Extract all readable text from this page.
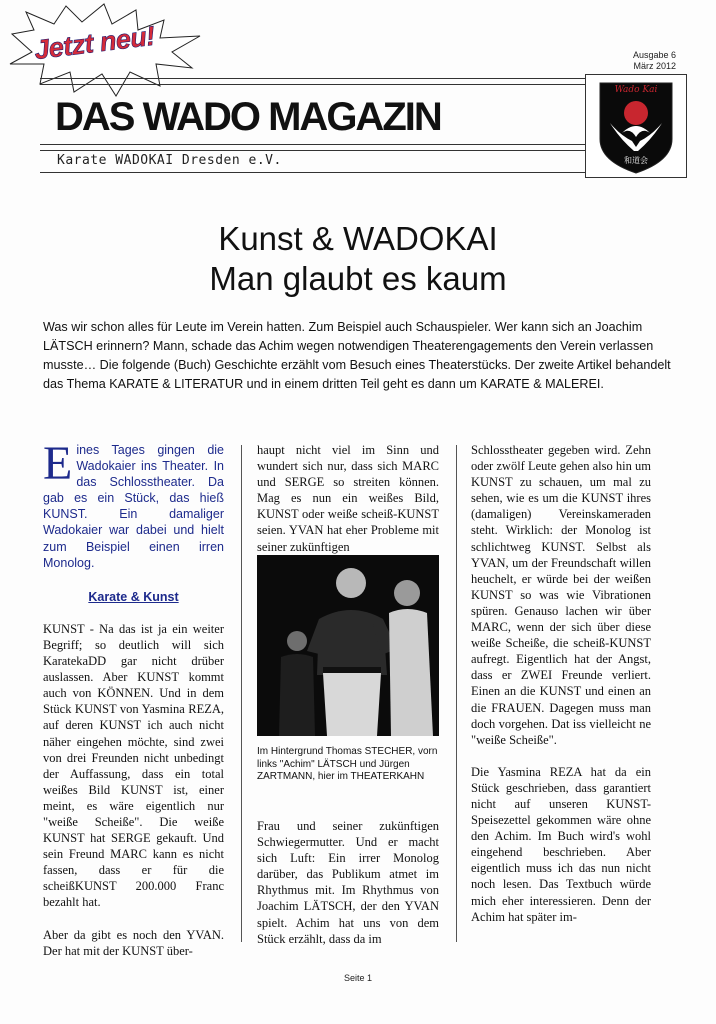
Jetzt neu!	Ausgabe 6
März 2012
DAS WADO MAGAZIN
Karate WADOKAI Dresden e.V.
Wado Kai
和道会
Kunst & WADOKAI
Man glaubt es kaum
Was wir schon alles für Leute im Verein hatten. Zum Beispiel auch Schauspieler. Wer kann sich an Joachim LÄTSCH erinnern? Mann, schade das Achim wegen notwendigen Theaterengagements den Verein verlassen musste… Die folgende (Buch) Geschichte erzählt vom Besuch eines Theaterstücks. Der zweite Artikel behandelt das Thema KARATE & LITERATUR und in einem dritten Teil geht es dann um KARATE & MALEREI.
Eines Tages gingen die Wadokaier ins Theater. In das Schlosstheater. Da gab es ein Stück, das hieß KUNST. Ein damaliger Wadokaier war dabei und hielt zum Beispiel einen irren Monolog.
Karate & Kunst

KUNST - Na das ist ja ein weiter Begriff; so deutlich will sich KaratekaDD gar nicht drüber auslassen. Aber KUNST kommt auch von KÖNNEN. Und in dem Stück KUNST von Yasmina REZA, auf deren KUNST ich auch nicht näher eingehen möchte, sind zwei von drei Freunden nicht unbedingt der Auffassung, dass ein total weißes Bild KUNST ist, einer meint, es wäre eigentlich nur "weiße Scheiße". Die weiße KUNST hat SERGE gekauft. Und sein Freund MARC kann es nicht fassen, dass er für die scheißKUNST 200.000 Franc bezahlt hat.

Aber da gibt es noch den YVAN. Der hat mit der KUNST über-

haupt nicht viel im Sinn und wundert sich nur, dass sich MARC und SERGE so streiten können. Mag es nun ein weißes Bild, KUNST oder weiße scheiß-KUNST seien. YVAN hat eher Probleme mit seiner zukünftigen

Im Hintergrund Thomas STECHER, vorn links "Achim" LÄTSCH und Jürgen ZARTMANN, hier im THEATERKAHN

Frau und seiner zukünftigen Schwiegermutter. Und er macht sich Luft: Ein irrer Monolog darüber, das Publikum atmet im Rhythmus mit. Im Rhythmus von Joachim LÄTSCH, der den YVAN spielt. Achim hat uns von dem Stück erzählt, dass da im

Schlosstheater gegeben wird. Zehn oder zwölf Leute gehen also hin um KUNST zu schauen, um mal zu sehen, wie es um die KUNST ihres (damaligen) Vereinskameraden steht. Wirklich: der Monolog ist schlichtweg KUNST. Selbst als YVAN, um der Freundschaft willen heuchelt, er würde bei der weißen KUNST so was wie Vibrationen spüren. Genauso lachen wir über MARC, wenn der sich über diese weiße Scheiße, die scheiß-KUNST aufregt. Eigentlich hat der Angst, dass er ZWEI Freunde verliert. Einen an die KUNST und einen an die FRAUEN. Dagegen muss man doch vorgehen. Dat iss vielleicht ne "weiße Scheiße".

Die Yasmina REZA hat da ein Stück geschrieben, dass garantiert nicht auf unseren KUNST-Speisezettel gekommen wäre ohne den Achim. Im Buch wird's wohl eingehend beschrieben. Aber eigentlich muss ich das nun nicht noch lesen. Das Textbuch würde mich eher interessieren. Denn der Achim hat später im-

Seite 1
